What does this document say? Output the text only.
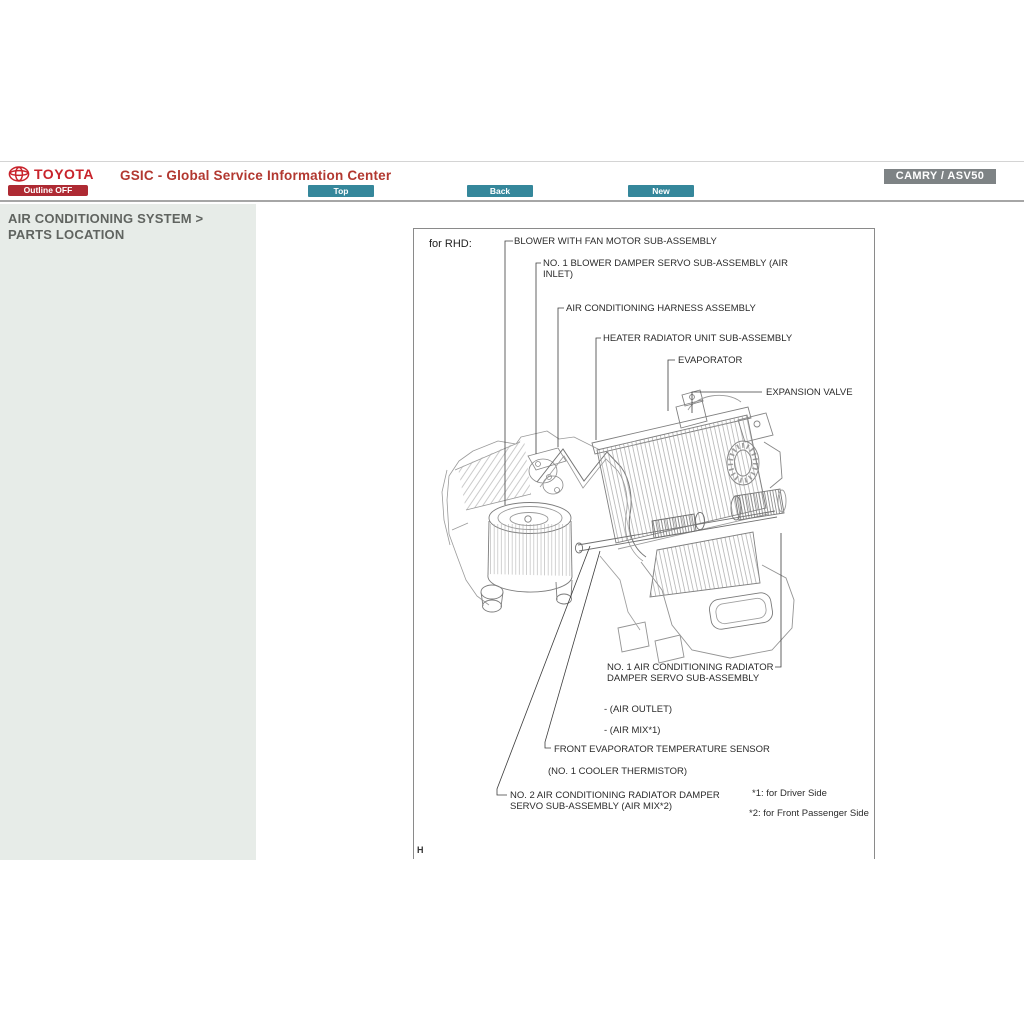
TOYOTA GSIC - Global Service Information Center	CAMRY / ASV50
Outline OFF	Top	Back	New
AIR CONDITIONING SYSTEM > PARTS LOCATION
for RHD:	BLOWER WITH FAN MOTOR SUB-ASSEMBLY
NO. 1 BLOWER DAMPER SERVO SUB-ASSEMBLY (AIR INLET)
AIR CONDITIONING HARNESS ASSEMBLY
HEATER RADIATOR UNIT SUB-ASSEMBLY
EVAPORATOR
EXPANSION VALVE
NO. 1 AIR CONDITIONING RADIATOR DAMPER SERVO SUB-ASSEMBLY
- (AIR OUTLET)
- (AIR MIX*1)
FRONT EVAPORATOR TEMPERATURE SENSOR
(NO. 1 COOLER THERMISTOR)
NO. 2 AIR CONDITIONING RADIATOR DAMPER SERVO SUB-ASSEMBLY (AIR MIX*2)
*1: for Driver Side
*2: for Front Passenger Side
H
